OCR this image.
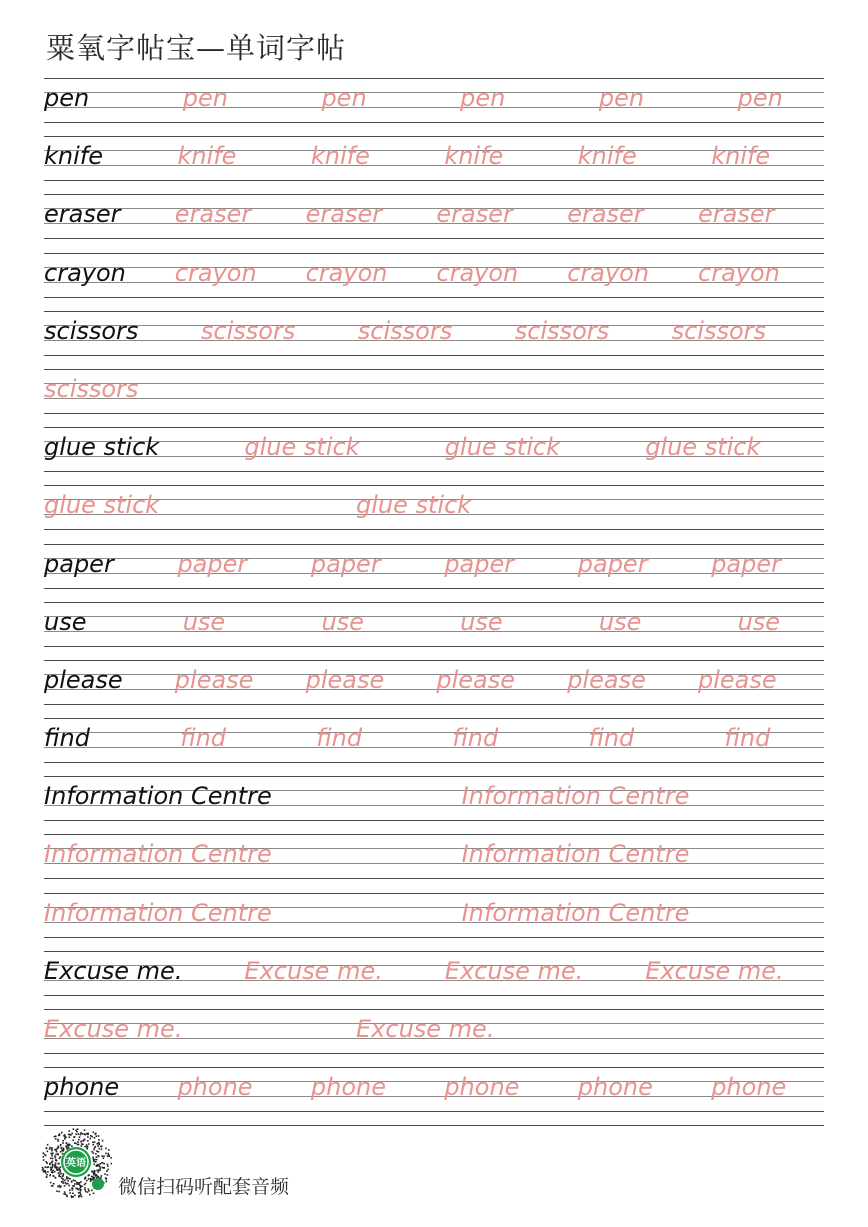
粟氧字帖宝—单词字帖
pen	pen	pen	pen	pen	pen
knife	knife	knife	knife	knife	knife
eraser eraser eraser eraser eraser eraser
crayon crayon crayon crayon crayon crayon
scissors	scissors	scissors	scissors	scissors
scissors
glue stick	glue stick	glue stick	glue stick
glue stick	glue stick
paper	paper	paper	paper	paper	paper
use	use	use	use	use	use
please please please please please please
find	find	find	find	find	find
Information Centre	Information Centre
Information Centre	Information Centre
Information Centre	Information Centre
Excuse me.	Excuse me.	Excuse me.	Excuse me.
Excuse me.	Excuse me.
phone phone phone phone phone phone
英语
微信扫码听配套音频
